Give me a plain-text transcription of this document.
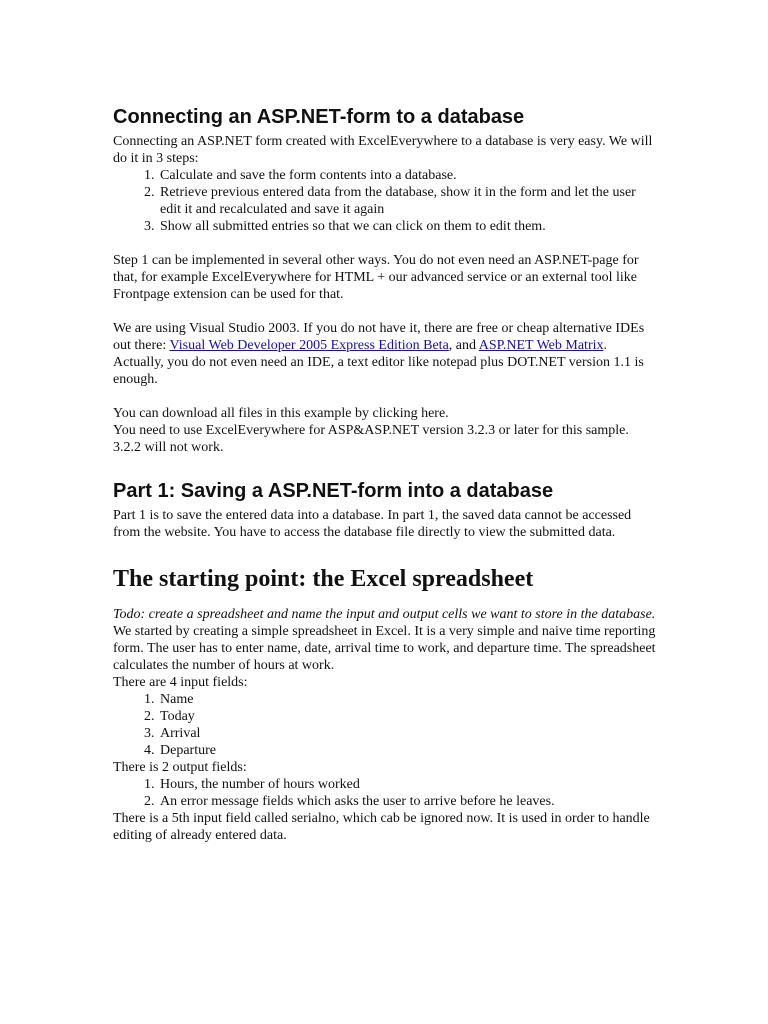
Connecting an ASP.NET-form to a database

Connecting an ASP.NET form created with ExcelEverywhere to a database is very easy. We will do it in 3 steps:

1. Calculate and save the form contents into a database.
2. Retrieve previous entered data from the database, show it in the form and let the user edit it and recalculated and save it again
3. Show all submitted entries so that we can click on them to edit them.

Step 1 can be implemented in several other ways. You do not even need an ASP.NET-page for that, for example ExcelEverywhere for HTML + our advanced service or an external tool like Frontpage extension can be used for that.

We are using Visual Studio 2003. If you do not have it, there are free or cheap alternative IDEs out there: Visual Web Developer 2005 Express Edition Beta, and ASP.NET Web Matrix. Actually, you do not even need an IDE, a text editor like notepad plus DOT.NET version 1.1 is enough.

You can download all files in this example by clicking here.

You need to use ExcelEverywhere for ASP&ASP.NET version 3.2.3 or later for this sample. 3.2.2 will not work.

Part 1: Saving a ASP.NET-form into a database

Part 1 is to save the entered data into a database. In part 1, the saved data cannot be accessed from the website. You have to access the database file directly to view the submitted data.

The starting point: the Excel spreadsheet

Todo: create a spreadsheet and name the input and output cells we want to store in the database.

We started by creating a simple spreadsheet in Excel. It is a very simple and naive time reporting form. The user has to enter name, date, arrival time to work, and departure time. The spreadsheet calculates the number of hours at work.

There are 4 input fields:

1. Name
2. Today
3. Arrival
4. Departure

There is 2 output fields:

1. Hours, the number of hours worked
2. An error message fields which asks the user to arrive before he leaves.

There is a 5th input field called serialno, which cab be ignored now. It is used in order to handle editing of already entered data.
